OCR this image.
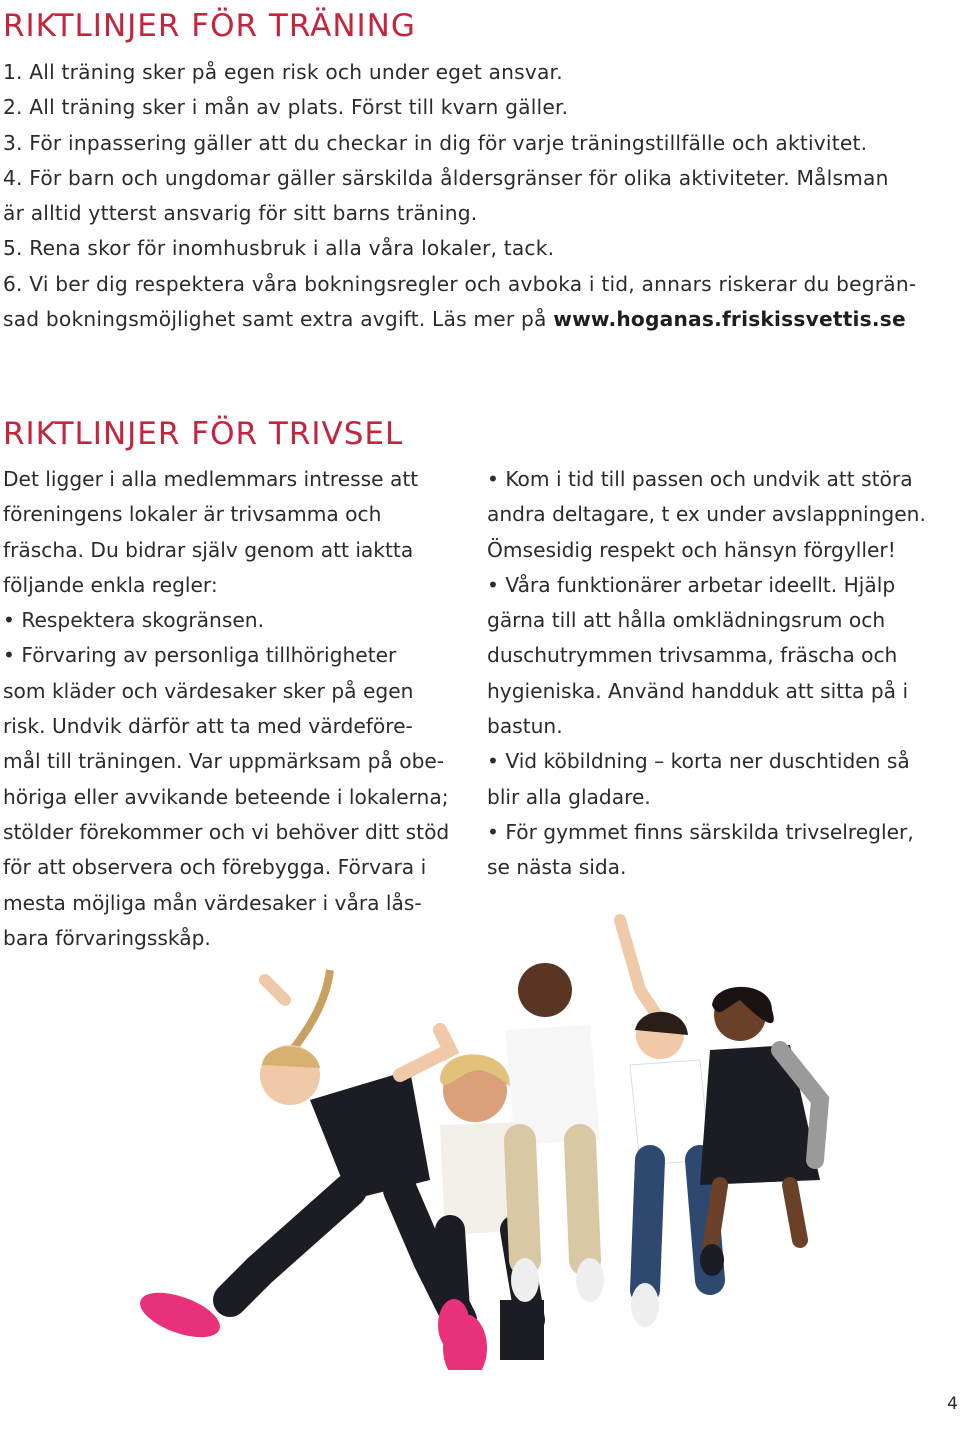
RIKTLINJER FÖR TRÄNING
1. All träning sker på egen risk och under eget ansvar.
2. All träning sker i mån av plats. Först till kvarn gäller.
3. För inpassering gäller att du checkar in dig för varje träningstillfälle och aktivitet.
4. För barn och ungdomar gäller särskilda åldersgränser för olika aktiviteter. Målsman
är alltid ytterst ansvarig för sitt barns träning.
5. Rena skor för inomhusbruk i alla våra lokaler, tack.
6. Vi ber dig respektera våra bokningsregler och avboka i tid, annars riskerar du begrän-
sad bokningsmöjlighet samt extra avgift. Läs mer på www.hoganas.friskissvettis.se
RIKTLINJER FÖR TRIVSEL
Det ligger i alla medlemmars intresse att
föreningens lokaler är trivsamma och
fräscha. Du bidrar själv genom att iaktta
följande enkla regler:
• Respektera skogränsen.
• Förvaring av personliga tillhörigheter
som kläder och värdesaker sker på egen
risk. Undvik därför att ta med värdeföre-
mål till träningen. Var uppmärksam på obe-
höriga eller avvikande beteende i lokalerna;
stölder förekommer och vi behöver ditt stöd
för att observera och förebygga. Förvara i
mesta möjliga mån värdesaker i våra lås-
bara förvaringsskåp.
• Kom i tid till passen och undvik att störa
andra deltagare, t ex under avslappningen.
Ömsesidig respekt och hänsyn förgyller!
• Våra funktionärer arbetar ideellt. Hjälp
gärna till att hålla omklädningsrum och
duschutrymmen trivsamma, fräscha och
hygieniska. Använd handduk att sitta på i
bastun.
• Vid köbildning – korta ner duschtiden så
blir alla gladare.
• För gymmet finns särskilda trivselregler,
se nästa sida.
4
